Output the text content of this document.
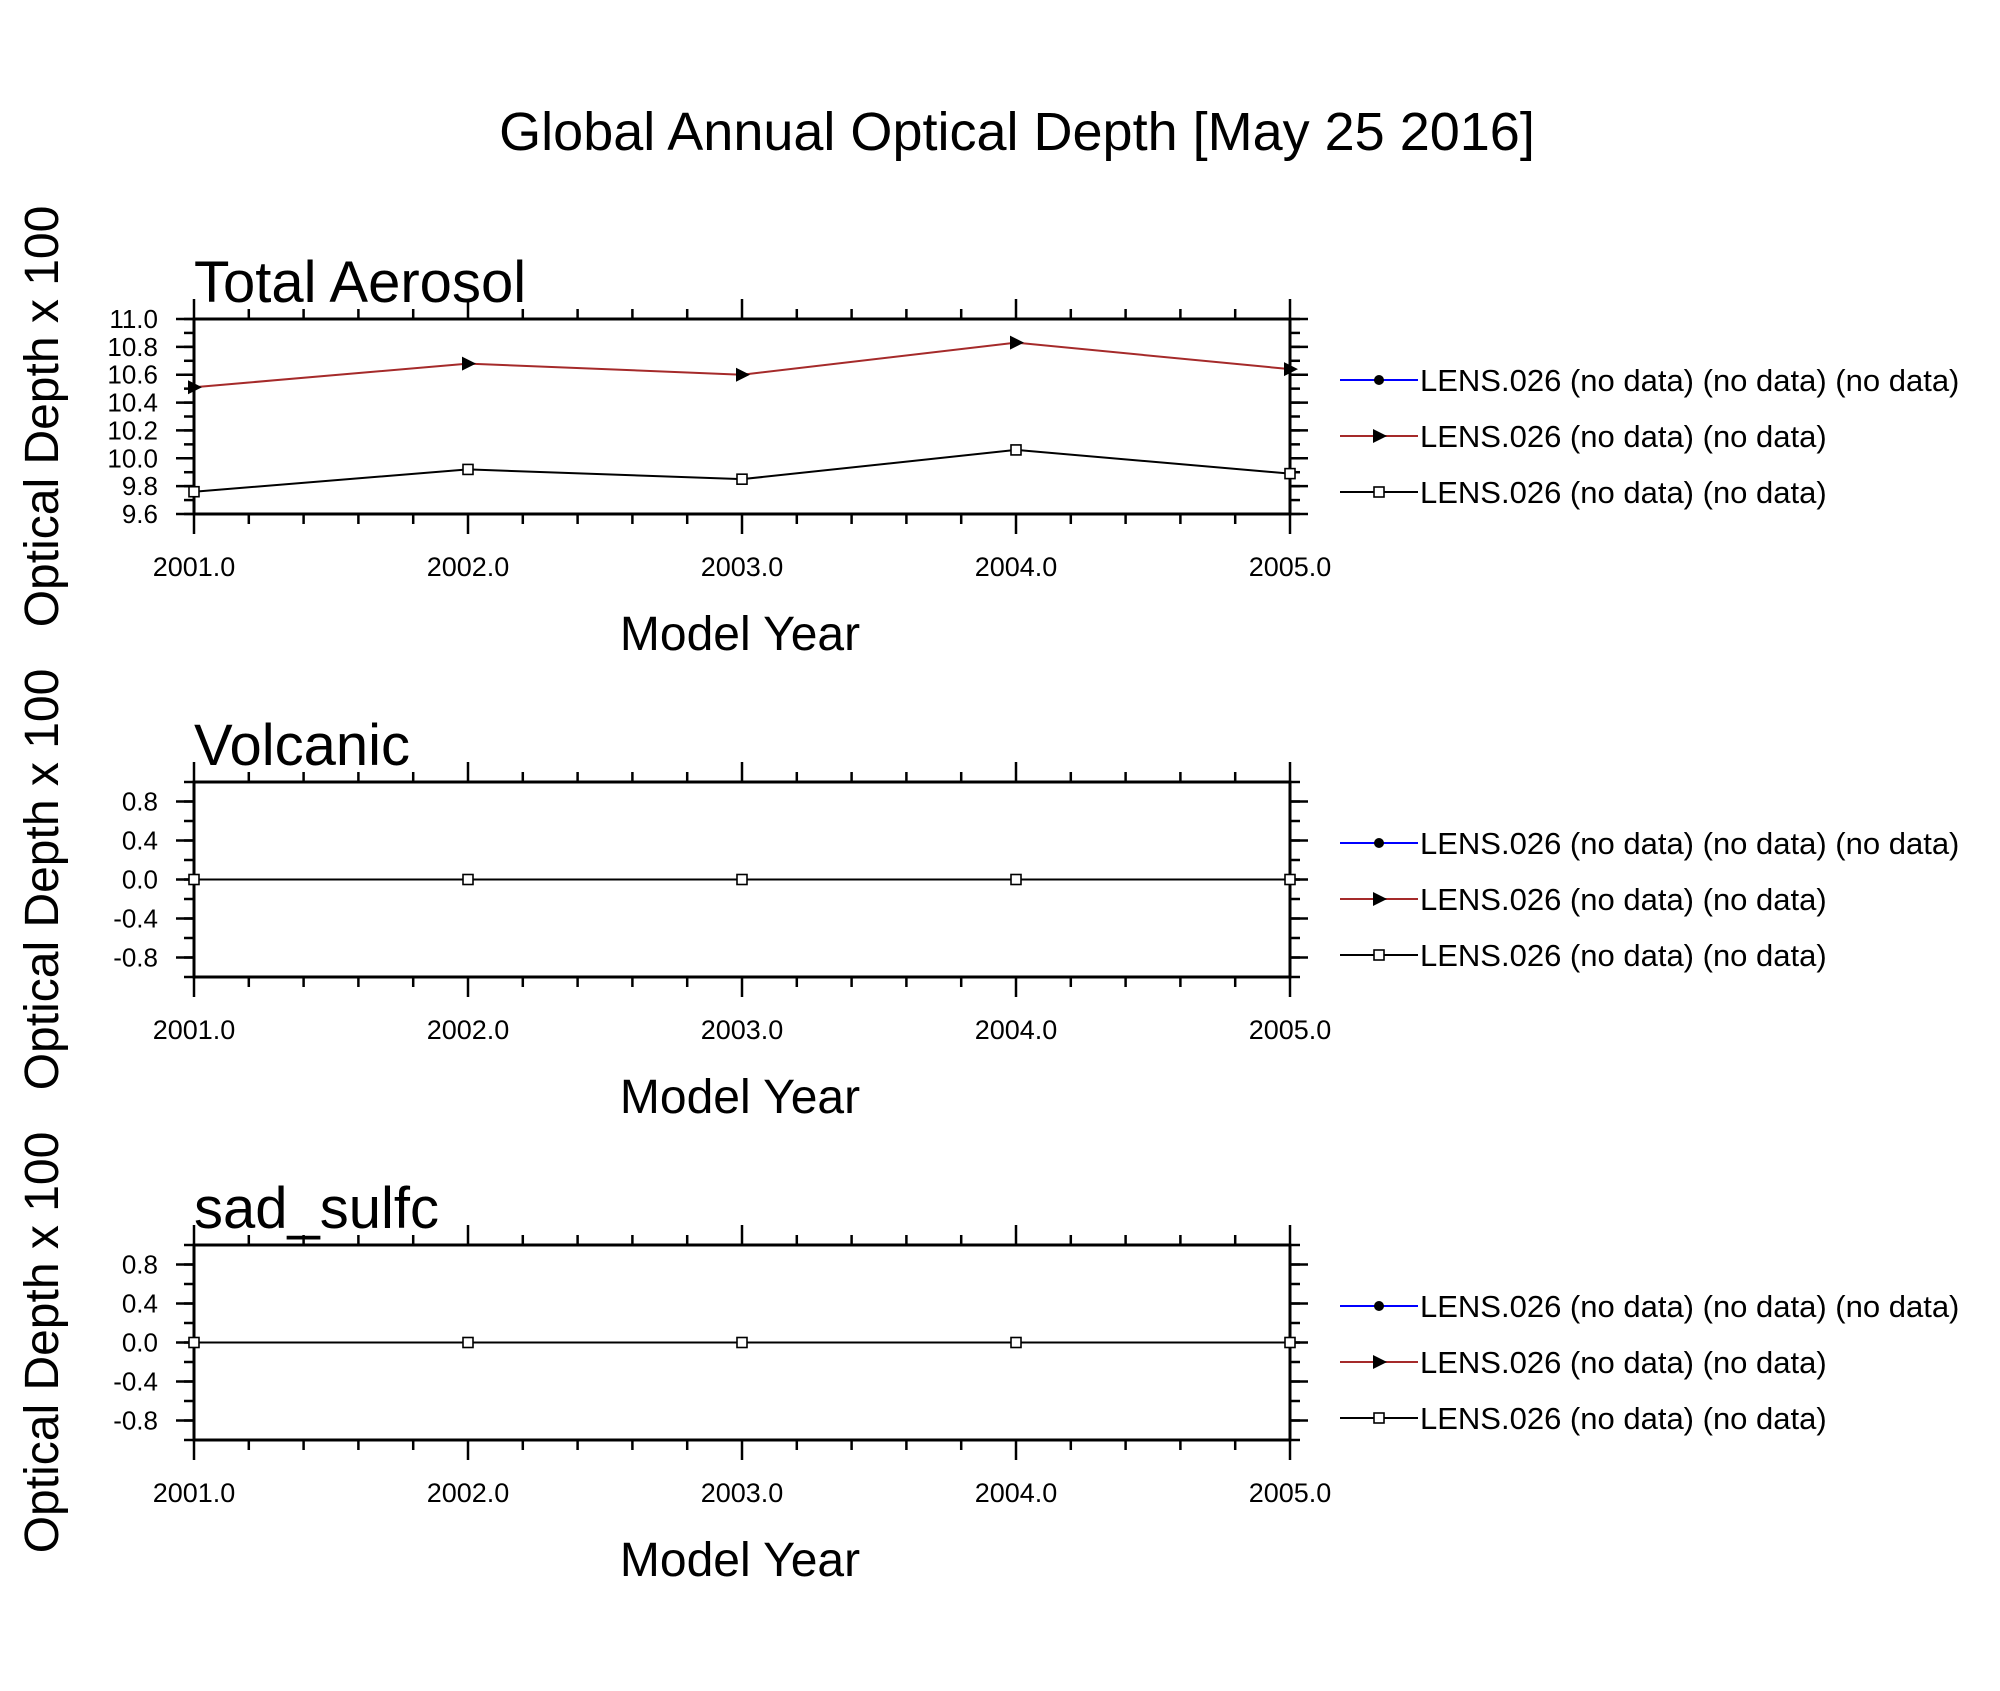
Global Annual Optical Depth [May 25 2016]
Total Aerosol
2001.0	2002.0	2003.0	2004.0	2005.0
9.6
9.8
10.0
10.2
10.4
10.6
10.8
11.0
Model Year
Optical Depth x 100	LENS.026 (no data) (no data) (no data)
LENS.026 (no data) (no data)
LENS.026 (no data) (no data)
Volcanic
2001.0	2002.0	2003.0	2004.0	2005.0
-0.8
-0.4
0.0
0.4
0.8
Model Year
Optical Depth x 100	LENS.026 (no data) (no data) (no data)
LENS.026 (no data) (no data)
LENS.026 (no data) (no data)
sad_sulfc
2001.0	2002.0	2003.0	2004.0	2005.0
-0.8
-0.4
0.0
0.4
0.8
Model Year
Optical Depth x 100	LENS.026 (no data) (no data) (no data)
LENS.026 (no data) (no data)
LENS.026 (no data) (no data)
